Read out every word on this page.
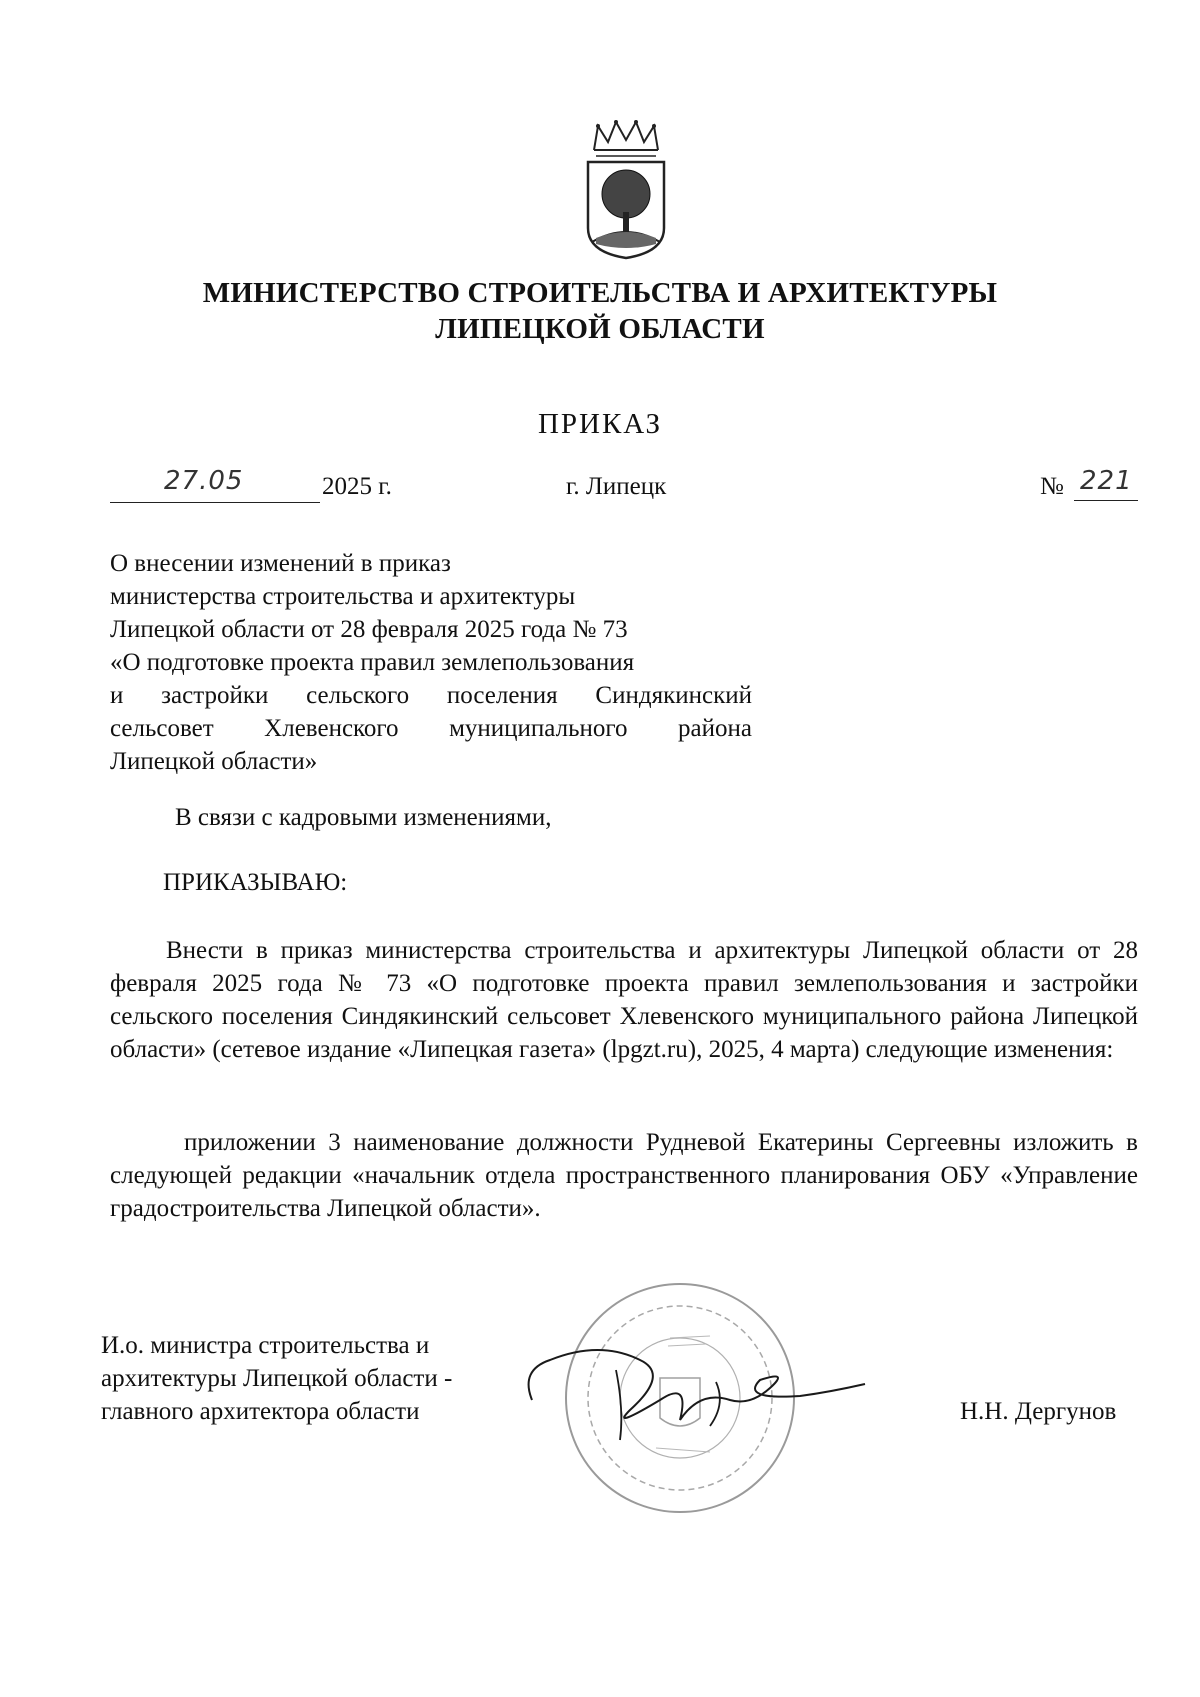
МИНИСТЕРСТВО СТРОИТЕЛЬСТВА И АРХИТЕКТУРЫ
ЛИПЕЦКОЙ ОБЛАСТИ
ПРИКАЗ
27.05	2025 г.	г. Липецк	№ 221
О внесении изменений в приказ
министерства строительства и архитектуры
Липецкой области от 28 февраля 2025 года № 73
«О подготовке проекта правил землепользования
и застройки сельского поселения Синдякинский
сельсовет Хлевенского муниципального района
Липецкой области»
В связи с кадровыми изменениями,
ПРИКАЗЫВАЮ:
Внести в приказ министерства строительства и архитектуры Липецкой области от 28 февраля 2025 года № 73 «О подготовке проекта правил землепользования и застройки сельского поселения Синдякинский сельсовет Хлевенского муниципального района Липецкой области» (сетевое издание «Липецкая газета» (lpgzt.ru), 2025, 4 марта) следующие изменения:
приложении 3 наименование должности Рудневой Екатерины Сергеевны изложить в следующей редакции «начальник отдела пространственного планирования ОБУ «Управление градостроительства Липецкой области».
И.о. министра строительства и
архитектуры Липецкой области -
главного архитектора области	Н.Н. Дергунов
